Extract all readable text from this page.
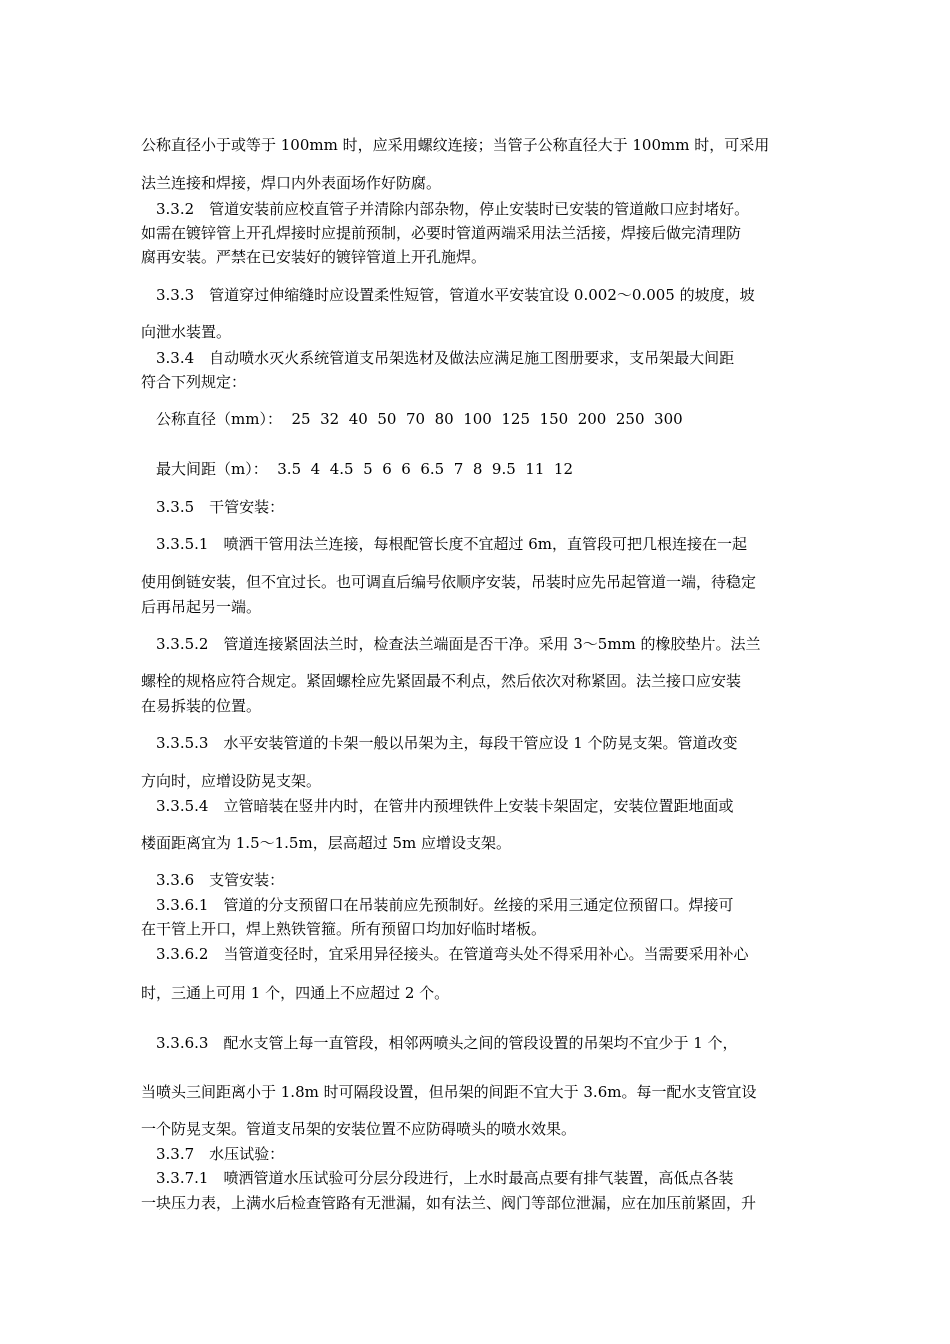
公称直径小于或等于 100mm 时，应采用螺纹连接；当管子公称直径大于 100mm 时，可采用
法兰连接和焊接，焊口内外表面场作好防腐。
　3.3.2　管道安装前应校直管子并清除内部杂物，停止安装时已安装的管道敞口应封堵好。
如需在镀锌管上开孔焊接时应提前预制，必要时管道两端采用法兰活接，焊接后做完清理防
腐再安装。严禁在已安装好的镀锌管道上开孔施焊。
　3.3.3　管道穿过伸缩缝时应设置柔性短管，管道水平安装宜设 0.002～0.005 的坡度，坡
向泄水装置。
　3.3.4　自动喷水灭火系统管道支吊架选材及做法应满足施工图册要求，支吊架最大间距
符合下列规定：
　公称直径（mm）：  25  32  40  50  70  80  100  125  150  200  250  300
　最大间距（m）：  3.5  4  4.5  5  6  6  6.5  7  8  9.5  11  12
　3.3.5　干管安装：
　3.3.5.1　喷洒干管用法兰连接，每根配管长度不宜超过 6m，直管段可把几根连接在一起
使用倒链安装，但不宜过长。也可调直后编号依顺序安装，吊装时应先吊起管道一端，待稳定
后再吊起另一端。
　3.3.5.2　管道连接紧固法兰时，检查法兰端面是否干净。采用 3～5mm 的橡胶垫片。法兰
螺栓的规格应符合规定。紧固螺栓应先紧固最不利点，然后依次对称紧固。法兰接口应安装
在易拆装的位置。
　3.3.5.3　水平安装管道的卡架一般以吊架为主，每段干管应设 1 个防晃支架。管道改变
方向时，应增设防晃支架。
　3.3.5.4　立管暗装在竖井内时，在管井内预埋铁件上安装卡架固定，安装位置距地面或
楼面距离宜为 1.5～1.5m，层高超过 5m 应增设支架。
　3.3.6　支管安装：
　3.3.6.1　管道的分支预留口在吊装前应先预制好。丝接的采用三通定位预留口。焊接可
在干管上开口，焊上熟铁管箍。所有预留口均加好临时堵板。
　3.3.6.2　当管道变径时，宜采用异径接头。在管道弯头处不得采用补心。当需要采用补心
时，三通上可用 1 个，四通上不应超过 2 个。
　3.3.6.3　配水支管上每一直管段，相邻两喷头之间的管段设置的吊架均不宜少于 1 个，
当喷头三间距离小于 1.8m 时可隔段设置，但吊架的间距不宜大于 3.6m。每一配水支管宜设
一个防晃支架。管道支吊架的安装位置不应防碍喷头的喷水效果。
　3.3.7　水压试验：
　3.3.7.1　喷洒管道水压试验可分层分段进行，上水时最高点要有排气装置，高低点各装
一块压力表，上满水后检查管路有无泄漏，如有法兰、阀门等部位泄漏，应在加压前紧固，升
